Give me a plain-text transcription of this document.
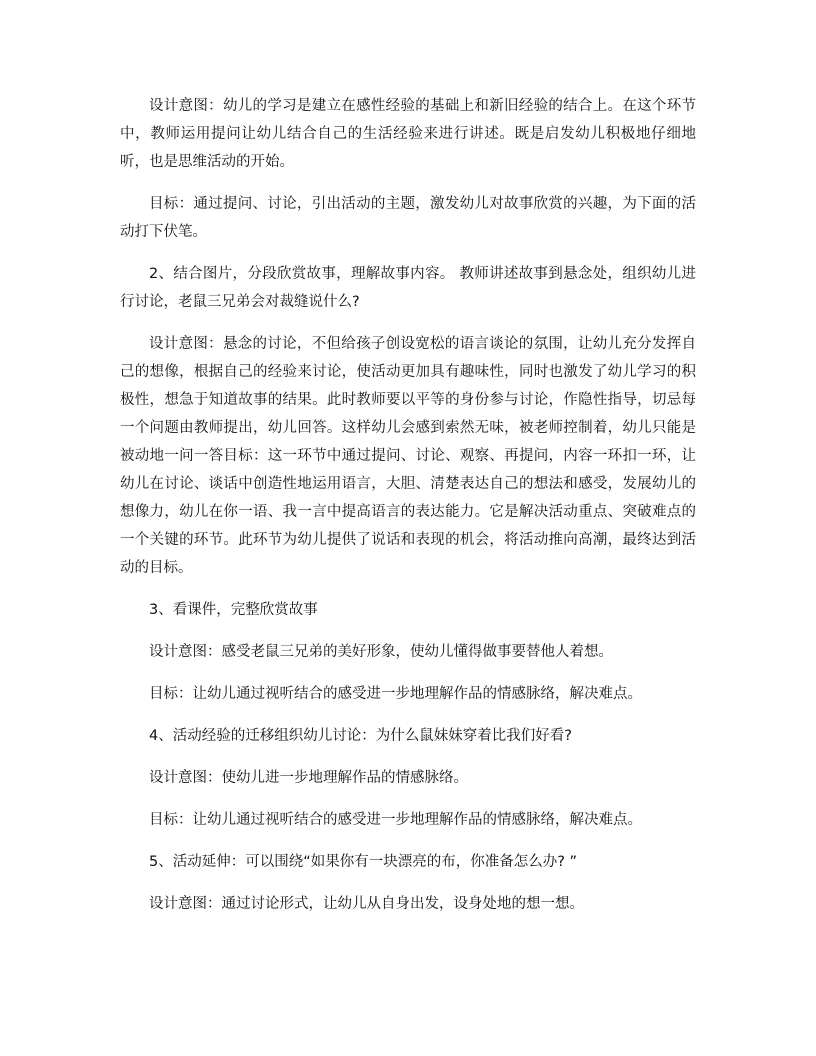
设计意图：幼儿的学习是建立在感性经验的基础上和新旧经验的结合上。在这个环节中，教师运用提问让幼儿结合自己的生活经验来进行讲述。既是启发幼儿积极地仔细地听，也是思维活动的开始。

目标：通过提问、讨论，引出活动的主题，激发幼儿对故事欣赏的兴趣，为下面的活动打下伏笔。

2、结合图片，分段欣赏故事，理解故事内容。 教师讲述故事到悬念处，组织幼儿进行讨论，老鼠三兄弟会对裁缝说什么?

设计意图：悬念的讨论，不但给孩子创设宽松的语言谈论的氛围，让幼儿充分发挥自己的想像，根据自己的经验来讨论，使活动更加具有趣味性，同时也激发了幼儿学习的积极性，想急于知道故事的结果。此时教师要以平等的身份参与讨论，作隐性指导，切忌每一个问题由教师提出，幼儿回答。这样幼儿会感到索然无味，被老师控制着，幼儿只能是被动地一问一答目标：这一环节中通过提问、讨论、观察、再提问，内容一环扣一环，让幼儿在讨论、谈话中创造性地运用语言，大胆、清楚表达自己的想法和感受，发展幼儿的想像力，幼儿在你一语、我一言中提高语言的表达能力。它是解决活动重点、突破难点的一个关键的环节。此环节为幼儿提供了说话和表现的机会，将活动推向高潮，最终达到活动的目标。

3、看课件，完整欣赏故事

设计意图：感受老鼠三兄弟的美好形象，使幼儿懂得做事要替他人着想。

目标：让幼儿通过视听结合的感受进一步地理解作品的情感脉络，解决难点。

4、活动经验的迁移组织幼儿讨论：为什么鼠妹妹穿着比我们好看?

设计意图：使幼儿进一步地理解作品的情感脉络。

目标：让幼儿通过视听结合的感受进一步地理解作品的情感脉络，解决难点。

5、活动延伸：可以围绕“如果你有一块漂亮的布，你准备怎么办? ”

设计意图：通过讨论形式，让幼儿从自身出发，设身处地的想一想。
